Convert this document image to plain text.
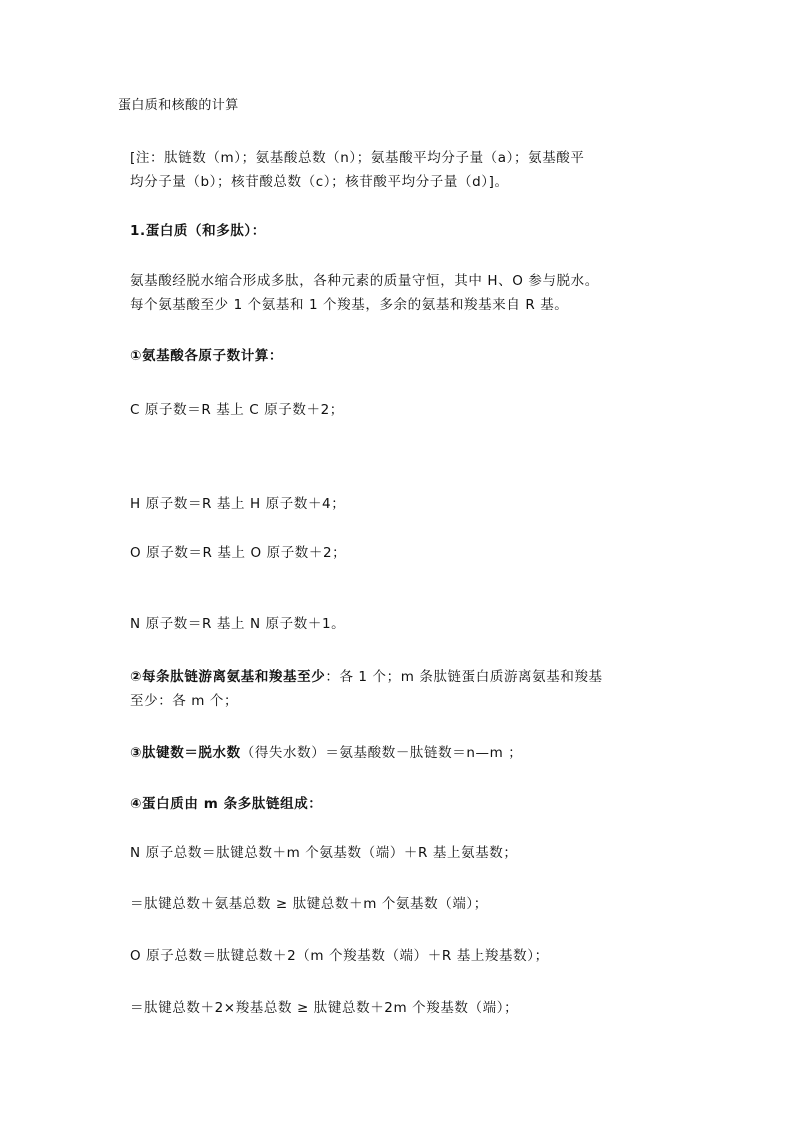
蛋白质和核酸的计算
[注：肽链数（m）；氨基酸总数（n）；氨基酸平均分子量（a）；氨基酸平
均分子量（b）；核苷酸总数（c）；核苷酸平均分子量（d）]。
1.蛋白质（和多肽）：
氨基酸经脱水缩合形成多肽，各种元素的质量守恒，其中 H、O 参与脱水。
每个氨基酸至少 1 个氨基和 1 个羧基，多余的氨基和羧基来自 R 基。
①氨基酸各原子数计算：
C 原子数＝R 基上 C 原子数＋2；
H 原子数＝R 基上 H 原子数＋4；
O 原子数＝R 基上 O 原子数＋2；
N 原子数＝R 基上 N 原子数＋1。
②每条肽链游离氨基和羧基至少：各 1 个；m 条肽链蛋白质游离氨基和羧基
至少：各 m 个；
③肽键数＝脱水数（得失水数）＝氨基酸数－肽链数＝n—m ；
④蛋白质由 m 条多肽链组成：
N 原子总数＝肽键总数＋m 个氨基数（端）＋R 基上氨基数；
＝肽键总数＋氨基总数 ≥ 肽键总数＋m 个氨基数（端）；
O 原子总数＝肽键总数＋2（m 个羧基数（端）＋R 基上羧基数）；
＝肽键总数＋2×羧基总数 ≥ 肽键总数＋2m 个羧基数（端）；
